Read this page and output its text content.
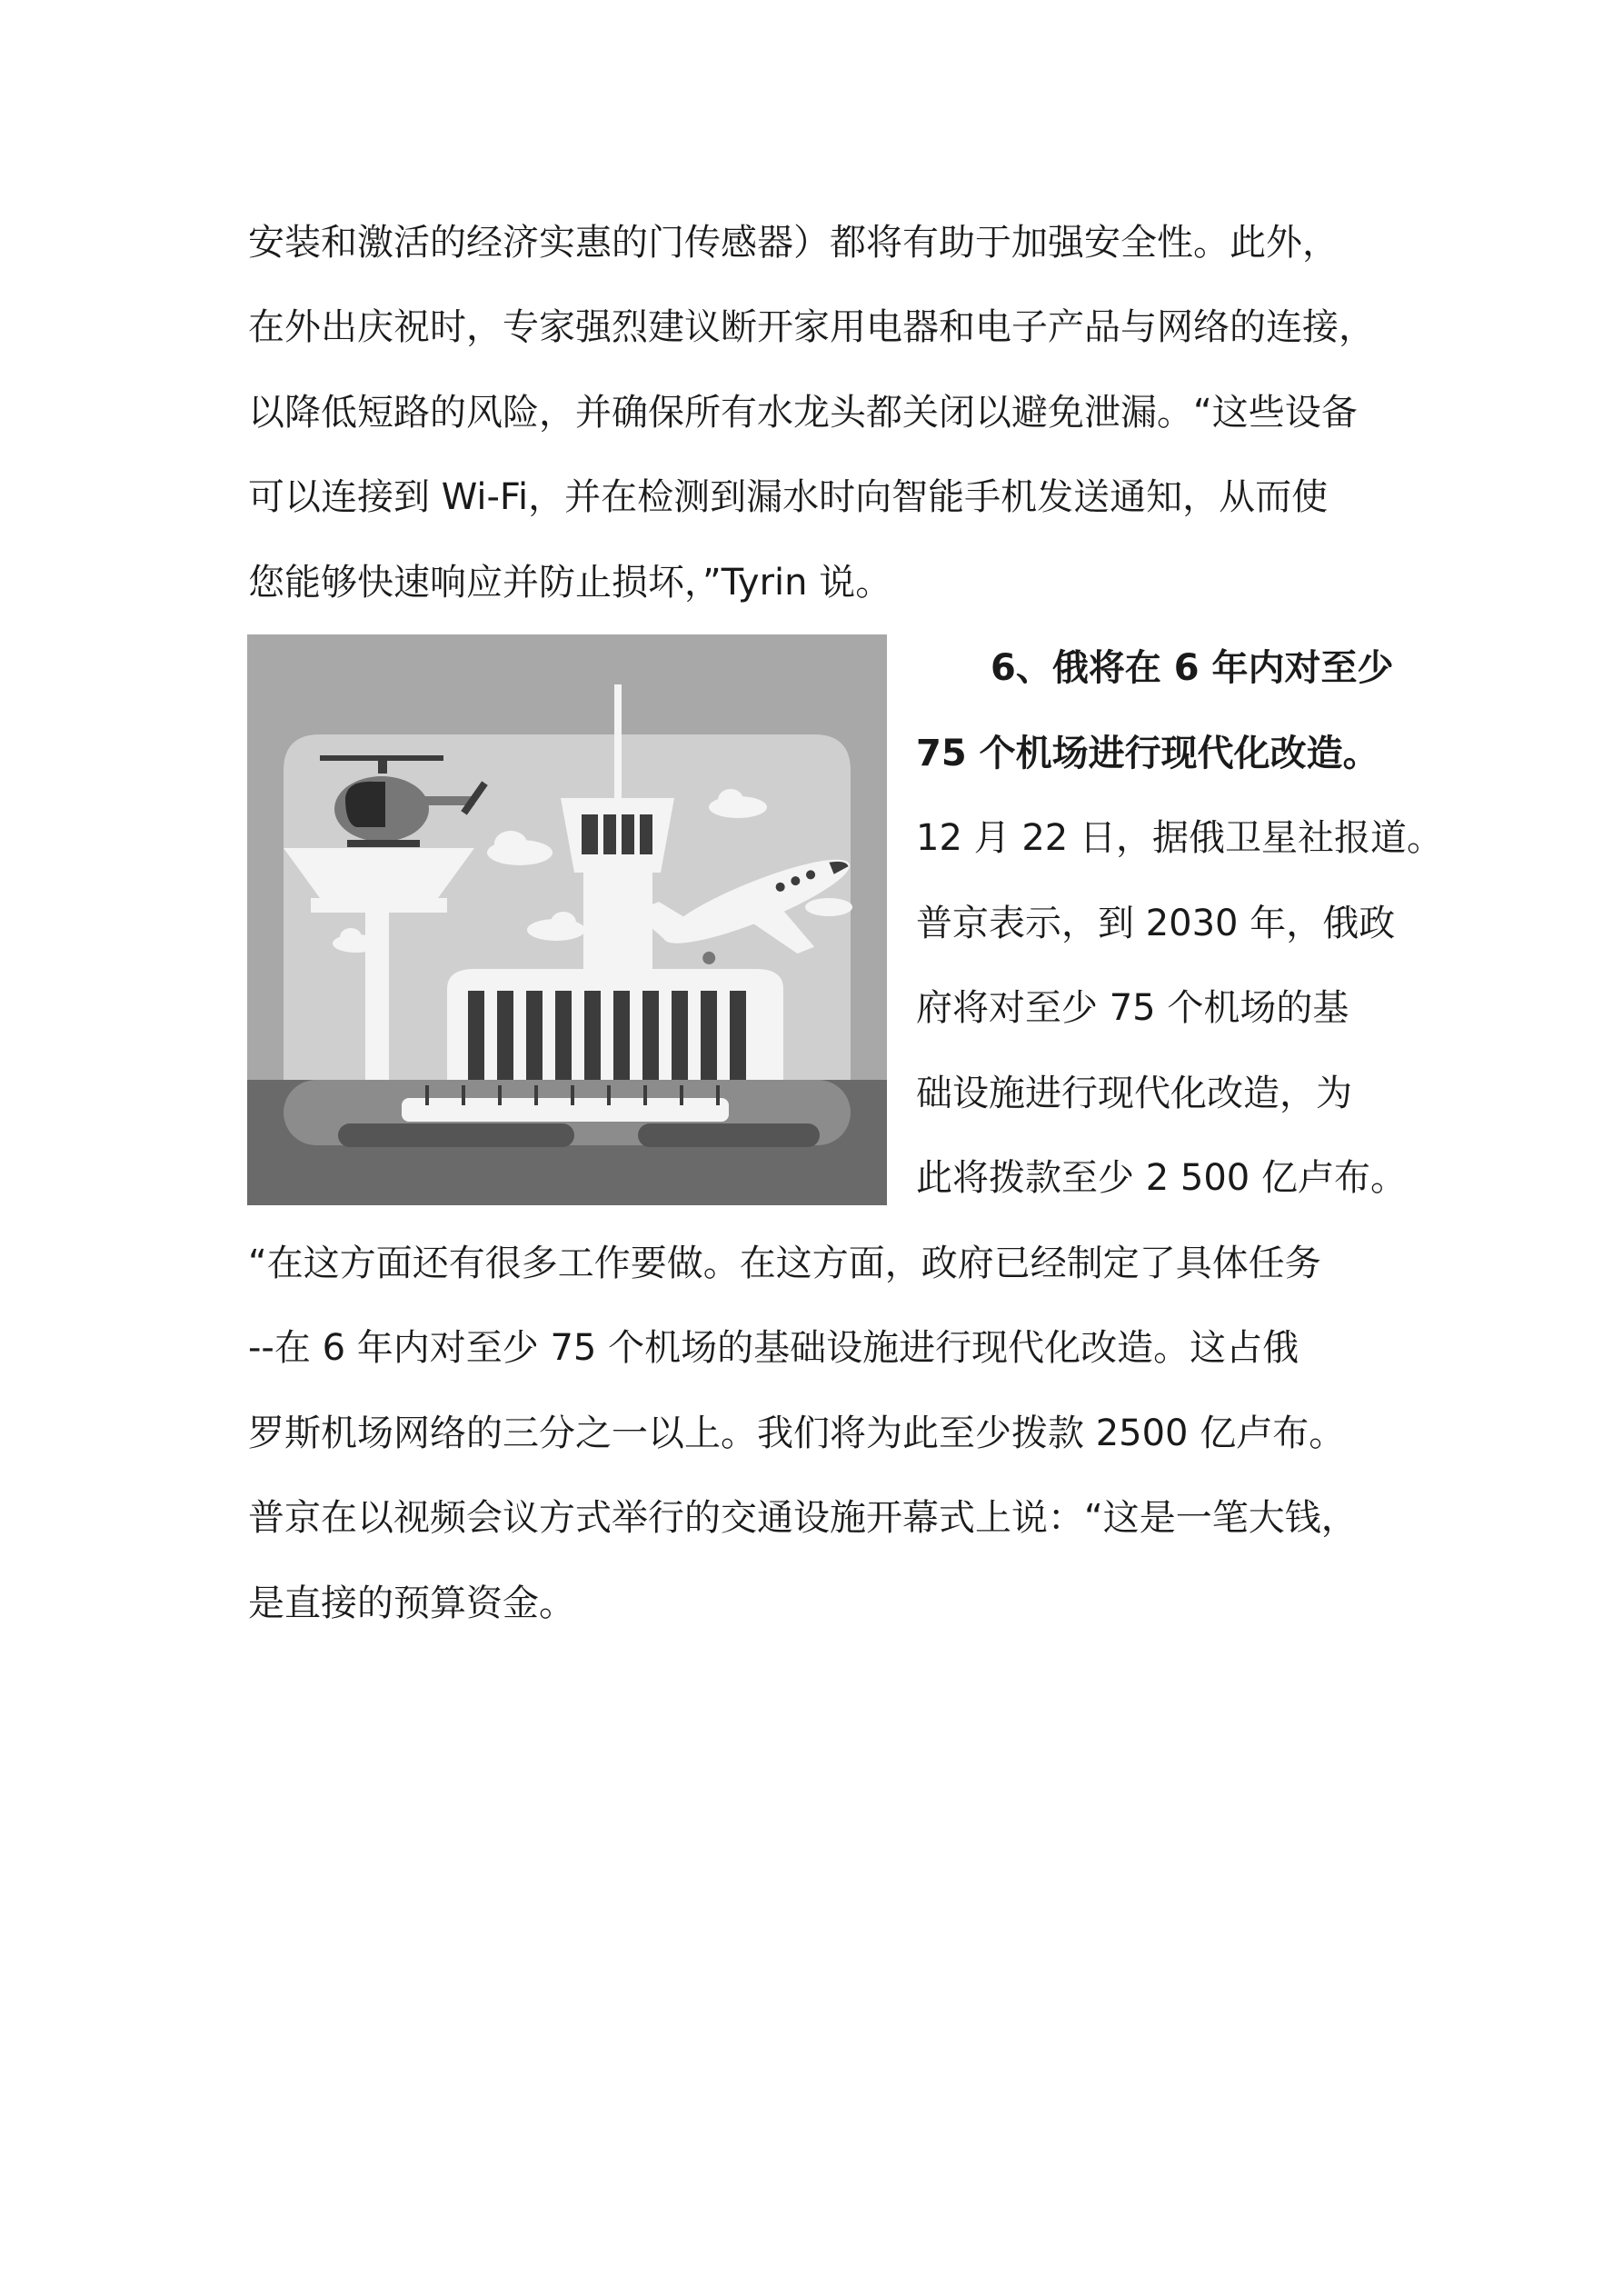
安装和激活的经济实惠的门传感器）都将有助于加强安全性。此外，
在外出庆祝时，专家强烈建议断开家用电器和电子产品与网络的连接，
以降低短路的风险，并确保所有水龙头都关闭以避免泄漏。“这些设备
可以连接到 Wi-Fi，并在检测到漏水时向智能手机发送通知，从而使
您能够快速响应并防止损坏，”Tyrin 说。
6、俄将在 6 年内对至少
75 个机场进行现代化改造。
12 月 22 日，据俄卫星社报道。
普京表示，到 2030 年，俄政
府将对至少 75 个机场的基
础设施进行现代化改造，为
此将拨款至少 2 500 亿卢布。
“在这方面还有很多工作要做。在这方面，政府已经制定了具体任务
--在 6 年内对至少 75 个机场的基础设施进行现代化改造。这占俄
罗斯机场网络的三分之一以上。我们将为此至少拨款 2500 亿卢布。
普京在以视频会议方式举行的交通设施开幕式上说：“这是一笔大钱，
是直接的预算资金。
